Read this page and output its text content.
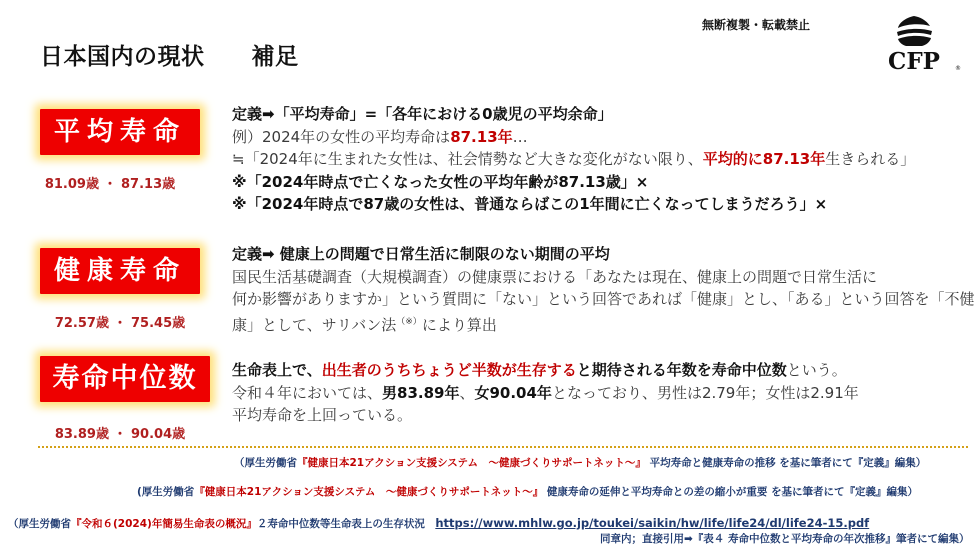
日本国内の現状　　補足
無断複製・転載禁止
CFP	®
平均寿命
81.09歳 ・ 87.13歳
定義➡「平均寿命」=「各年における0歳児の平均余命」
例）2024年の女性の平均寿命は87.13年…
≒「2024年に生まれた女性は、社会情勢など大きな変化がない限り、平均的に87.13年生きられる」
※「2024年時点で亡くなった女性の平均年齢が87.13歳」×
※「2024年時点で87歳の女性は、普通ならばこの1年間に亡くなってしまうだろう」×
健康寿命
72.57歳 ・ 75.45歳
定義➡ 健康上の問題で日常生活に制限のない期間の平均
国民生活基礎調査（大規模調査）の健康票における「あなたは現在、健康上の問題で日常生活に
何か影響がありますか」という質問に「ない」という回答であれば「健康」とし、「ある」という回答を「不健
康」として、サリバン法（※）により算出
寿命中位数
83.89歳 ・ 90.04歳
生命表上で、出生者のうちちょうど半数が生存すると期待される年数を寿命中位数という。
令和４年においては、男83.89年、女90.04年となっており、男性は2.79年；女性は2.91年
平均寿命を上回っている。
（厚生労働省『健康日本21アクション支援システム　～健康づくりサポートネット～』 平均寿命と健康寿命の推移 を基に筆者にて『定義』編集）
(厚生労働省『健康日本21アクション支援システム　～健康づくりサポートネット～』 健康寿命の延伸と平均寿命との差の縮小が重要 を基に筆者にて『定義』編集）
（厚生労働省『令和６(2024)年簡易生命表の概況』２寿命中位数等生命表上の生存状況　 https://www.mhlw.go.jp/toukei/saikin/hw/life/life24/dl/life24-15.pdf
同章内；直接引用➡『表４ 寿命中位数と平均寿命の年次推移』筆者にて編集）
